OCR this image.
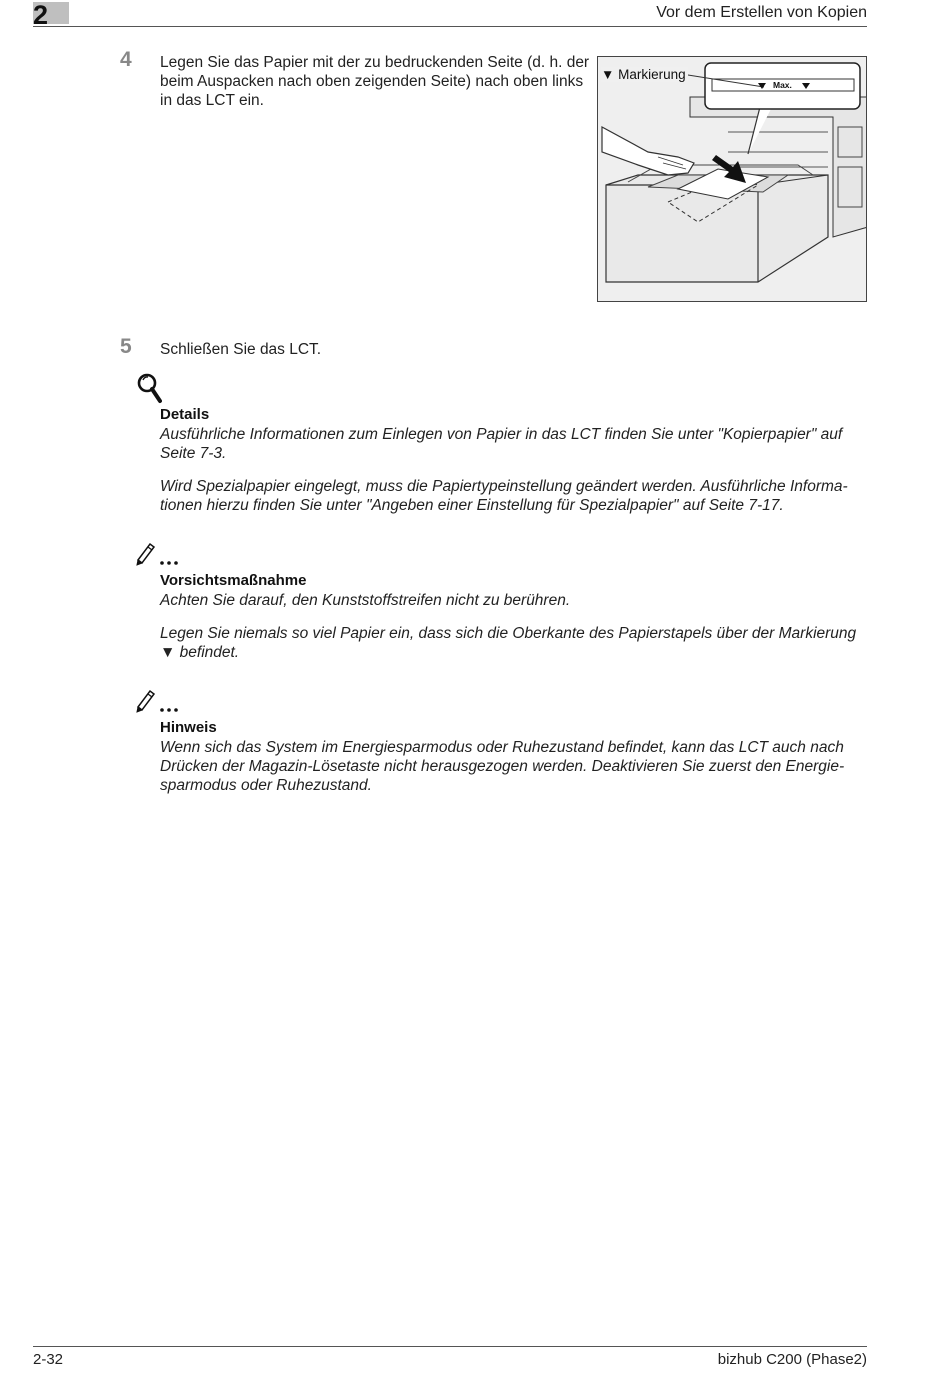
2	Vor dem Erstellen von Kopien
4 Legen Sie das Papier mit der zu bedruckenden Seite (d. h. der
beim Auspacken nach oben zeigenden Seite) nach oben links
in das LCT ein.
▼ Markierung
Max.
5 Schließen Sie das LCT.
Details
Ausführliche Informationen zum Einlegen von Papier in das LCT finden Sie unter "Kopierpapier" auf
Seite 7-3.
Wird Spezialpapier eingelegt, muss die Papiertypeinstellung geändert werden. Ausführliche Informa-
tionen hierzu finden Sie unter "Angeben einer Einstellung für Spezialpapier" auf Seite 7-17.
Vorsichtsmaßnahme
Achten Sie darauf, den Kunststoffstreifen nicht zu berühren.
Legen Sie niemals so viel Papier ein, dass sich die Oberkante des Papierstapels über der Markierung
▼ befindet.
Hinweis
Wenn sich das System im Energiesparmodus oder Ruhezustand befindet, kann das LCT auch nach
Drücken der Magazin-Lösetaste nicht herausgezogen werden. Deaktivieren Sie zuerst den Energie-
sparmodus oder Ruhezustand.
2-32	bizhub C200 (Phase2)
